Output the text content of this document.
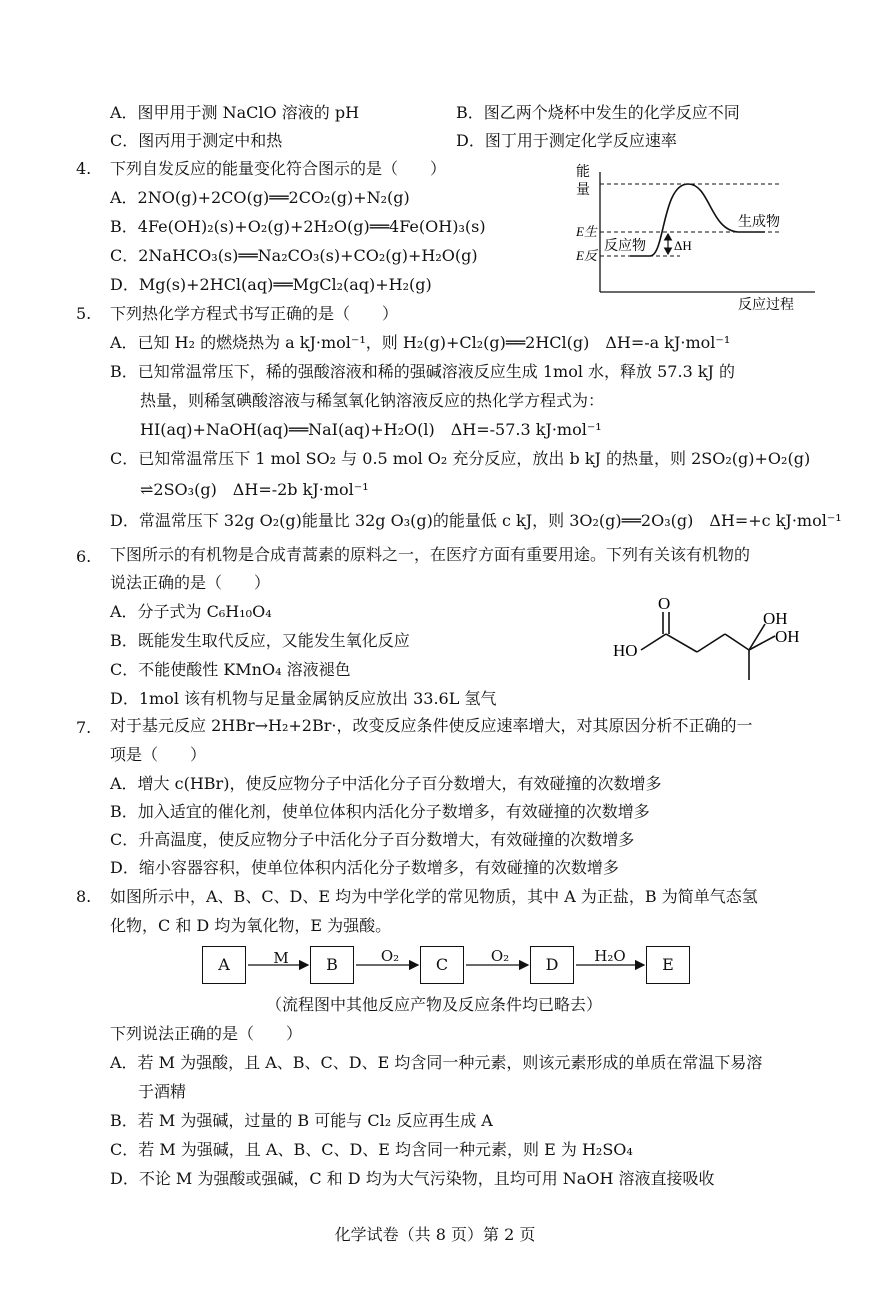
A．图甲用于测 NaClO 溶液的 pH	B．图乙两个烧杯中发生的化学反应不同
C．图丙用于测定中和热	D．图丁用于测定化学反应速率
4. 下列自发反应的能量变化符合图示的是（　　）
A．2NO(g)+2CO(g)══2CO₂(g)+N₂(g)
B．4Fe(OH)₂(s)+O₂(g)+2H₂O(g)══4Fe(OH)₃(s)
C．2NaHCO₃(s)══Na₂CO₃(s)+CO₂(g)+H₂O(g)
D．Mg(s)+2HCl(aq)══MgCl₂(aq)+H₂(g)
能
量
E生
E反
生成物
反应物 ΔH
反应过程
5. 下列热化学方程式书写正确的是（　　）
A．已知 H₂ 的燃烧热为 a kJ·mol⁻¹，则 H₂(g)+Cl₂(g)══2HCl(g)　ΔH=-a kJ·mol⁻¹
B．已知常温常压下，稀的强酸溶液和稀的强碱溶液反应生成 1mol 水，释放 57.3 kJ 的
热量，则稀氢碘酸溶液与稀氢氧化钠溶液反应的热化学方程式为：
HI(aq)+NaOH(aq)══NaI(aq)+H₂O(l)　ΔH=-57.3 kJ·mol⁻¹
C．已知常温常压下 1 mol SO₂ 与 0.5 mol O₂ 充分反应，放出 b kJ 的热量，则 2SO₂(g)+O₂(g)
⇌2SO₃(g)　ΔH=-2b kJ·mol⁻¹
D．常温常压下 32g O₂(g)能量比 32g O₃(g)的能量低 c kJ，则 3O₂(g)══2O₃(g)　ΔH=+c kJ·mol⁻¹
6. 下图所示的有机物是合成青蒿素的原料之一，在医疗方面有重要用途。下列有关该有机物的
说法正确的是（　　）
A．分子式为 C₆H₁₀O₄
B．既能发生取代反应，又能发生氧化反应
C．不能使酸性 KMnO₄ 溶液褪色
D．1mol 该有机物与足量金属钠反应放出 33.6L 氢气
O
HO
OH
OH
7. 对于基元反应 2HBr→H₂+2Br·，改变反应条件使反应速率增大，对其原因分析不正确的一
项是（　　）
A．增大 c(HBr)，使反应物分子中活化分子百分数增大，有效碰撞的次数增多
B．加入适宜的催化剂，使单位体积内活化分子数增多，有效碰撞的次数增多
C．升高温度，使反应物分子中活化分子百分数增大，有效碰撞的次数增多
D．缩小容器容积，使单位体积内活化分子数增多，有效碰撞的次数增多
8. 如图所示中，A、B、C、D、E 均为中学化学的常见物质，其中 A 为正盐，B 为简单气态氢
化物，C 和 D 均为氧化物，E 为强酸。
A	B	C	D	E
M	O₂	O₂	H₂O
（流程图中其他反应产物及反应条件均已略去）
下列说法正确的是（　　）
A．若 M 为强酸，且 A、B、C、D、E 均含同一种元素，则该元素形成的单质在常温下易溶
于酒精
B．若 M 为强碱，过量的 B 可能与 Cl₂ 反应再生成 A
C．若 M 为强碱，且 A、B、C、D、E 均含同一种元素，则 E 为 H₂SO₄
D．不论 M 为强酸或强碱，C 和 D 均为大气污染物，且均可用 NaOH 溶液直接吸收
化学试卷（共 8 页）第 2 页
